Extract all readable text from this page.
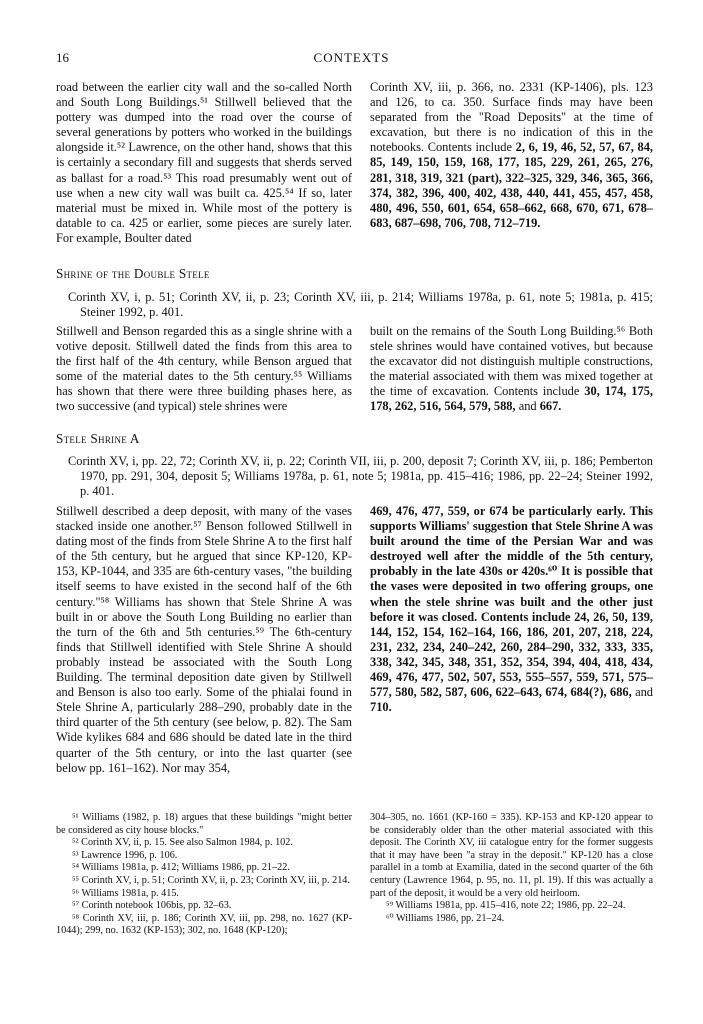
16	CONTEXTS

road between the earlier city wall and the so-called North and South Long Buildings.⁵¹ Stillwell believed that the pottery was dumped into the road over the course of several generations by potters who worked in the buildings alongside it.⁵² Lawrence, on the other hand, shows that this is certainly a secondary fill and suggests that sherds served as ballast for a road.⁵³ This road presumably went out of use when a new city wall was built ca. 425.⁵⁴ If so, later material must be mixed in. While most of the pottery is datable to ca. 425 or earlier, some pieces are surely later. For example, Boulter dated

Corinth XV, iii, p. 366, no. 2331 (KP-1406), pls. 123 and 126, to ca. 350. Surface finds may have been separated from the "Road Deposits" at the time of excavation, but there is no indication of this in the notebooks. Contents include 2, 6, 19, 46, 52, 57, 67, 84, 85, 149, 150, 159, 168, 177, 185, 229, 261, 265, 276, 281, 318, 319, 321 (part), 322–325, 329, 346, 365, 366, 374, 382, 396, 400, 402, 438, 440, 441, 455, 457, 458, 480, 496, 550, 601, 654, 658–662, 668, 670, 671, 678–683, 687–698, 706, 708, 712–719.

Shrine of the Double Stele
Corinth XV, i, p. 51; Corinth XV, ii, p. 23; Corinth XV, iii, p. 214; Williams 1978a, p. 61, note 5; 1981a, p. 415; Steiner 1992, p. 401.

Stillwell and Benson regarded this as a single shrine with a votive deposit. Stillwell dated the finds from this area to the first half of the 4th century, while Benson argued that some of the material dates to the 5th century.⁵⁵ Williams has shown that there were three building phases here, as two successive (and typical) stele shrines were

built on the remains of the South Long Building.⁵⁶ Both stele shrines would have contained votives, but because the excavator did not distinguish multiple constructions, the material associated with them was mixed together at the time of excavation. Contents include 30, 174, 175, 178, 262, 516, 564, 579, 588, and 667.

Stele Shrine A
Corinth XV, i, pp. 22, 72; Corinth XV, ii, p. 22; Corinth VII, iii, p. 200, deposit 7; Corinth XV, iii, p. 186; Pemberton 1970, pp. 291, 304, deposit 5; Williams 1978a, p. 61, note 5; 1981a, pp. 415–416; 1986, pp. 22–24; Steiner 1992, p. 401.

Stillwell described a deep deposit, with many of the vases stacked inside one another.⁵⁷ Benson followed Stillwell in dating most of the finds from Stele Shrine A to the first half of the 5th century, but he argued that since KP-120, KP-153, KP-1044, and 335 are 6th-century vases, "the building itself seems to have existed in the second half of the 6th century."⁵⁸ Williams has shown that Stele Shrine A was built in or above the South Long Building no earlier than the turn of the 6th and 5th centuries.⁵⁹ The 6th-century finds that Stillwell identified with Stele Shrine A should probably instead be associated with the South Long Building. The terminal deposition date given by Stillwell and Benson is also too early. Some of the phialai found in Stele Shrine A, particularly 288–290, probably date in the third quarter of the 5th century (see below, p. 82). The Sam Wide kylikes 684 and 686 should be dated late in the third quarter of the 5th century, or into the last quarter (see below pp. 161–162). Nor may 354,

469, 476, 477, 559, or 674 be particularly early. This supports Williams' suggestion that Stele Shrine A was built around the time of the Persian War and was destroyed well after the middle of the 5th century, probably in the late 430s or 420s.⁶⁰ It is possible that the vases were deposited in two offering groups, one when the stele shrine was built and the other just before it was closed. Contents include 24, 26, 50, 139, 144, 152, 154, 162–164, 166, 186, 201, 207, 218, 224, 231, 232, 234, 240–242, 260, 284–290, 332, 333, 335, 338, 342, 345, 348, 351, 352, 354, 394, 404, 418, 434, 469, 476, 477, 502, 507, 553, 555–557, 559, 571, 575–577, 580, 582, 587, 606, 622–643, 674, 684(?), 686, and 710.

⁵¹ Williams (1982, p. 18) argues that these buildings "might better be considered as city house blocks."

⁵² Corinth XV, ii, p. 15. See also Salmon 1984, p. 102.

⁵³ Lawrence 1996, p. 106.

⁵⁴ Williams 1981a, p. 412; Williams 1986, pp. 21–22.

⁵⁵ Corinth XV, i, p. 51; Corinth XV, ii, p. 23; Corinth XV, iii, p. 214.

⁵⁶ Williams 1981a, p. 415.

⁵⁷ Corinth notebook 106bis, pp. 32–63.

⁵⁸ Corinth XV, iii, p. 186; Corinth XV, iii, pp. 298, no. 1627 (KP-1044); 299, no. 1632 (KP-153); 302, no. 1648 (KP-120);

304–305, no. 1661 (KP-160 = 335). KP-153 and KP-120 appear to be considerably older than the other material associated with this deposit. The Corinth XV, iii catalogue entry for the former suggests that it may have been "a stray in the deposit." KP-120 has a close parallel in a tomb at Examilia, dated in the second quarter of the 6th century (Lawrence 1964, p. 95, no. 11, pl. 19). If this was actually a part of the deposit, it would be a very old heirloom.

⁵⁹ Williams 1981a, pp. 415–416, note 22; 1986, pp. 22–24.

⁶⁰ Williams 1986, pp. 21–24.
